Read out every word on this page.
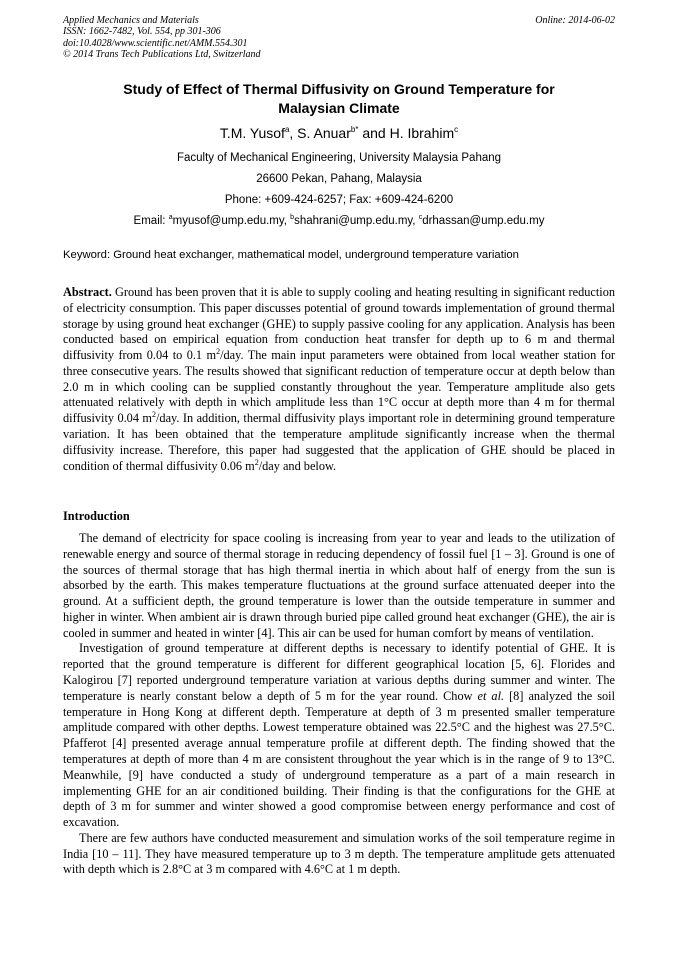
Applied Mechanics and Materials
ISSN: 1662-7482, Vol. 554, pp 301-306
doi:10.4028/www.scientific.net/AMM.554.301
© 2014 Trans Tech Publications Ltd, Switzerland
Online: 2014-06-02
Study of Effect of Thermal Diffusivity on Ground Temperature for
Malaysian Climate
T.M. Yusof$^a$, S. Anuar$^{b*}$ and H. Ibrahim$^c$
Faculty of Mechanical Engineering, University Malaysia Pahang
26600 Pekan, Pahang, Malaysia
Phone: +609-424-6257; Fax: +609-424-6200
Email: $^a$myusof@ump.edu.my, $^b$shahrani@ump.edu.my, $^c$drhassan@ump.edu.my
Keyword: Ground heat exchanger, mathematical model, underground temperature variation

Abstract. Ground has been proven that it is able to supply cooling and heating resulting in significant reduction of electricity consumption. This paper discusses potential of ground towards implementation of ground thermal storage by using ground heat exchanger (GHE) to supply passive cooling for any application. Analysis has been conducted based on empirical equation from conduction heat transfer for depth up to 6 m and thermal diffusivity from 0.04 to 0.1 $m^2$/day. The main input parameters were obtained from local weather station for three consecutive years. The results showed that significant reduction of temperature occur at depth below than 2.0 m in which cooling can be supplied constantly throughout the year. Temperature amplitude also gets attenuated relatively with depth in which amplitude less than 1°C occur at depth more than 4 m for thermal diffusivity 0.04 $m^2$/day. In addition, thermal diffusivity plays important role in determining ground temperature variation. It has been obtained that the temperature amplitude significantly increase when the thermal diffusivity increase. Therefore, this paper had suggested that the application of GHE should be placed in condition of thermal diffusivity 0.06 $m^2$/day and below.

Introduction

The demand of electricity for space cooling is increasing from year to year and leads to the utilization of renewable energy and source of thermal storage in reducing dependency of fossil fuel [1 – 3]. Ground is one of the sources of thermal storage that has high thermal inertia in which about half of energy from the sun is absorbed by the earth. This makes temperature fluctuations at the ground surface attenuated deeper into the ground. At a sufficient depth, the ground temperature is lower than the outside temperature in summer and higher in winter. When ambient air is drawn through buried pipe called ground heat exchanger (GHE), the air is cooled in summer and heated in winter [4]. This air can be used for human comfort by means of ventilation.

Investigation of ground temperature at different depths is necessary to identify potential of GHE. It is reported that the ground temperature is different for different geographical location [5, 6]. Florides and Kalogirou [7] reported underground temperature variation at various depths during summer and winter. The temperature is nearly constant below a depth of 5 m for the year round. Chow et al. [8] analyzed the soil temperature in Hong Kong at different depth. Temperature at depth of 3 m presented smaller temperature amplitude compared with other depths. Lowest temperature obtained was 22.5°C and the highest was 27.5°C. Pfafferot [4] presented average annual temperature profile at different depth. The finding showed that the temperatures at depth of more than 4 m are consistent throughout the year which is in the range of 9 to 13°C. Meanwhile, [9] have conducted a study of underground temperature as a part of a main research in implementing GHE for an air conditioned building. Their finding is that the configurations for the GHE at depth of 3 m for summer and winter showed a good compromise between energy performance and cost of excavation.

There are few authors have conducted measurement and simulation works of the soil temperature regime in India [10 – 11]. They have measured temperature up to 3 m depth. The temperature amplitude gets attenuated with depth which is 2.8°C at 3 m compared with 4.6°C at 1 m depth.
